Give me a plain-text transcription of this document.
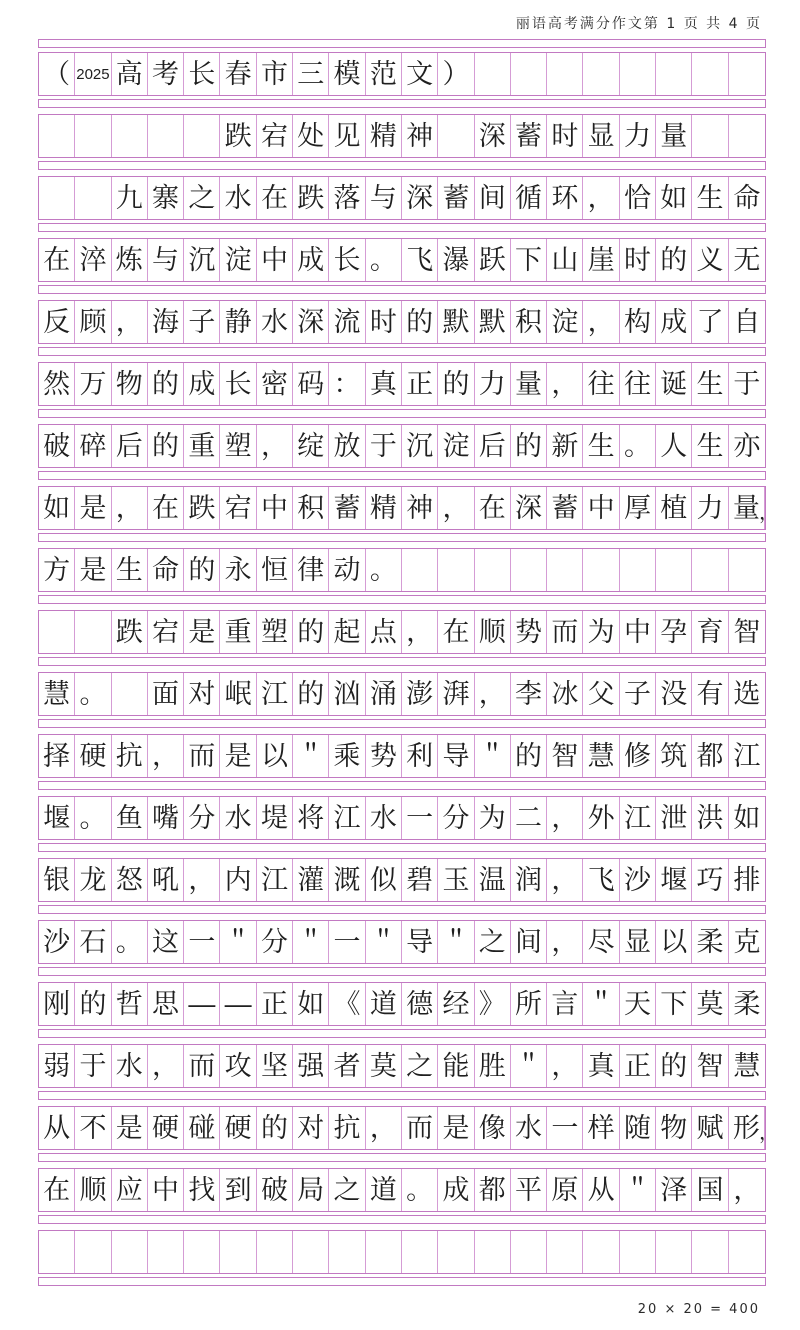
丽语高考满分作文第 1 页 共 4 页
（ 2025 高 考 长 春 市 三 模 范 文 ）
跌 宕 处 见 精 神 深 蓄 时 显 力 量
九 寨 之 水 在 跌 落 与 深 蓄 间 循 环 ， 恰 如 生 命
在 淬 炼 与 沉 淀 中 成 长 。 飞 瀑 跃 下 山 崖 时 的 义 无
反 顾 ， 海 子 静 水 深 流 时 的 默 默 积 淀 ， 构 成 了 自
然 万 物 的 成 长 密 码 ： 真 正 的 力 量 ， 往 往 诞 生 于
破 碎 后 的 重 塑 ， 绽 放 于 沉 淀 后 的 新 生 。 人 生 亦
如 是 ， 在 跌 宕 中 积 蓄 精 神 ， 在 深 蓄 中 厚 植 力 量 ，
方 是 生 命 的 永 恒 律 动 。
跌 宕 是 重 塑 的 起 点 ， 在 顺 势 而 为 中 孕 育 智
慧 。 面 对 岷 江 的 汹 涌 澎 湃 ， 李 冰 父 子 没 有 选
择 硬 抗 ， 而 是 以 ＂ 乘 势 利 导 ＂ 的 智 慧 修 筑 都 江
堰 。 鱼 嘴 分 水 堤 将 江 水 一 分 为 二 ， 外 江 泄 洪 如
银 龙 怒 吼 ， 内 江 灌 溉 似 碧 玉 温 润 ， 飞 沙 堰 巧 排
沙 石 。 这 一 ＂ 分 ＂ 一 ＂ 导 ＂ 之 间 ， 尽 显 以 柔 克
刚 的 哲 思 — — 正 如 《 道 德 经 》 所 言 ＂ 天 下 莫 柔
弱 于 水 ， 而 攻 坚 强 者 莫 之 能 胜 ＂ ， 真 正 的 智 慧
从 不 是 硬 碰 硬 的 对 抗 ， 而 是 像 水 一 样 随 物 赋 形 ，
在 顺 应 中 找 到 破 局 之 道 。 成 都 平 原 从 ＂ 泽 国 ，
20 × 20 = 400
